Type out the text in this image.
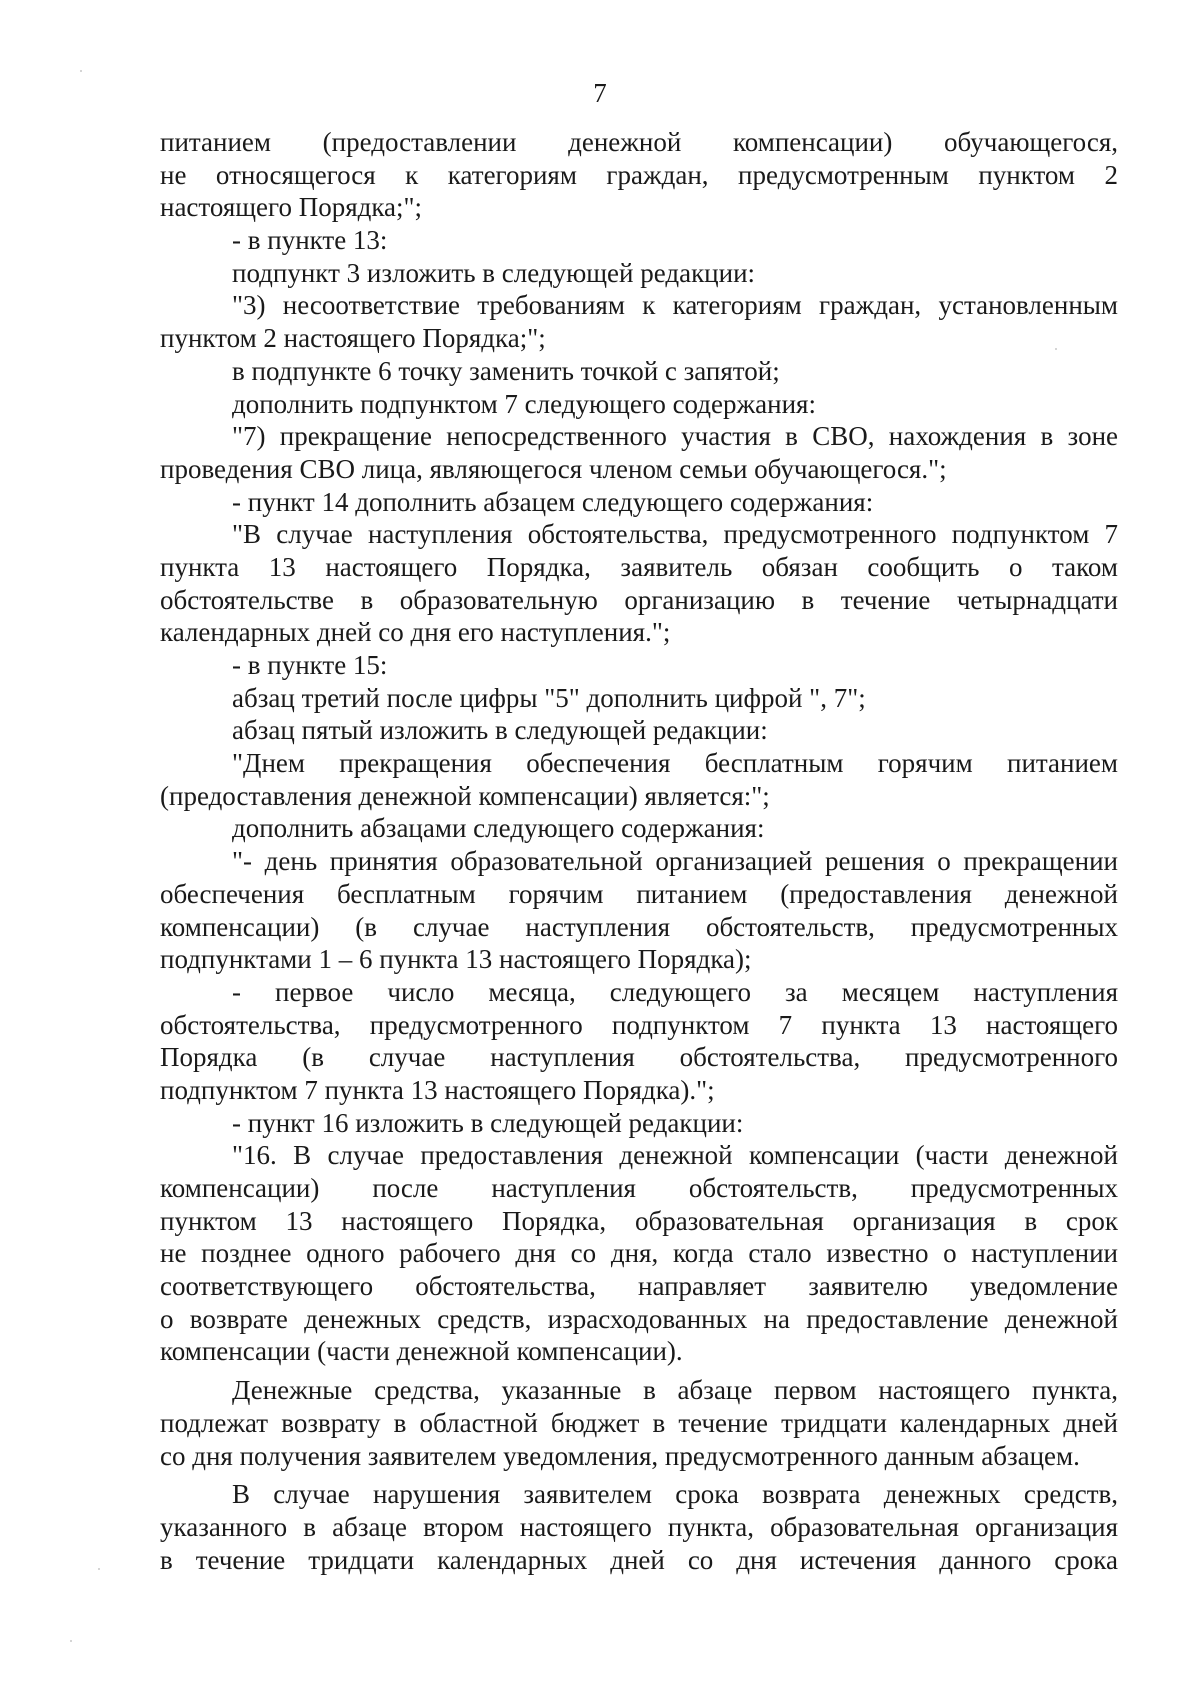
7
питанием (предоставлении денежной компенсации) обучающегося,
не относящегося к категориям граждан, предусмотренным пунктом 2
настоящего Порядка;";
- в пункте 13:
подпункт 3 изложить в следующей редакции:
"3) несоответствие требованиям к категориям граждан, установленным
пунктом 2 настоящего Порядка;";
в подпункте 6 точку заменить точкой с запятой;
дополнить подпунктом 7 следующего содержания:
"7) прекращение непосредственного участия в СВО, нахождения в зоне
проведения СВО лица, являющегося членом семьи обучающегося.";
- пункт 14 дополнить абзацем следующего содержания:
"В случае наступления обстоятельства, предусмотренного подпунктом 7
пункта 13 настоящего Порядка, заявитель обязан сообщить о таком
обстоятельстве в образовательную организацию в течение четырнадцати
календарных дней со дня его наступления.";
- в пункте 15:
абзац третий после цифры "5" дополнить цифрой ", 7";
абзац пятый изложить в следующей редакции:
"Днем прекращения обеспечения бесплатным горячим питанием
(предоставления денежной компенсации) является:";
дополнить абзацами следующего содержания:
"- день принятия образовательной организацией решения о прекращении
обеспечения бесплатным горячим питанием (предоставления денежной
компенсации) (в случае наступления обстоятельств, предусмотренных
подпунктами 1 – 6 пункта 13 настоящего Порядка);
- первое число месяца, следующего за месяцем наступления
обстоятельства, предусмотренного подпунктом 7 пункта 13 настоящего
Порядка (в случае наступления обстоятельства, предусмотренного
подпунктом 7 пункта 13 настоящего Порядка).";
- пункт 16 изложить в следующей редакции:
"16. В случае предоставления денежной компенсации (части денежной
компенсации) после наступления обстоятельств, предусмотренных
пунктом 13 настоящего Порядка, образовательная организация в срок
не позднее одного рабочего дня со дня, когда стало известно о наступлении
соответствующего обстоятельства, направляет заявителю уведомление
о возврате денежных средств, израсходованных на предоставление денежной
компенсации (части денежной компенсации).
Денежные средства, указанные в абзаце первом настоящего пункта,
подлежат возврату в областной бюджет в течение тридцати календарных дней
со дня получения заявителем уведомления, предусмотренного данным абзацем.
В случае нарушения заявителем срока возврата денежных средств,
указанного в абзаце втором настоящего пункта, образовательная организация
в течение тридцати календарных дней со дня истечения данного срока
